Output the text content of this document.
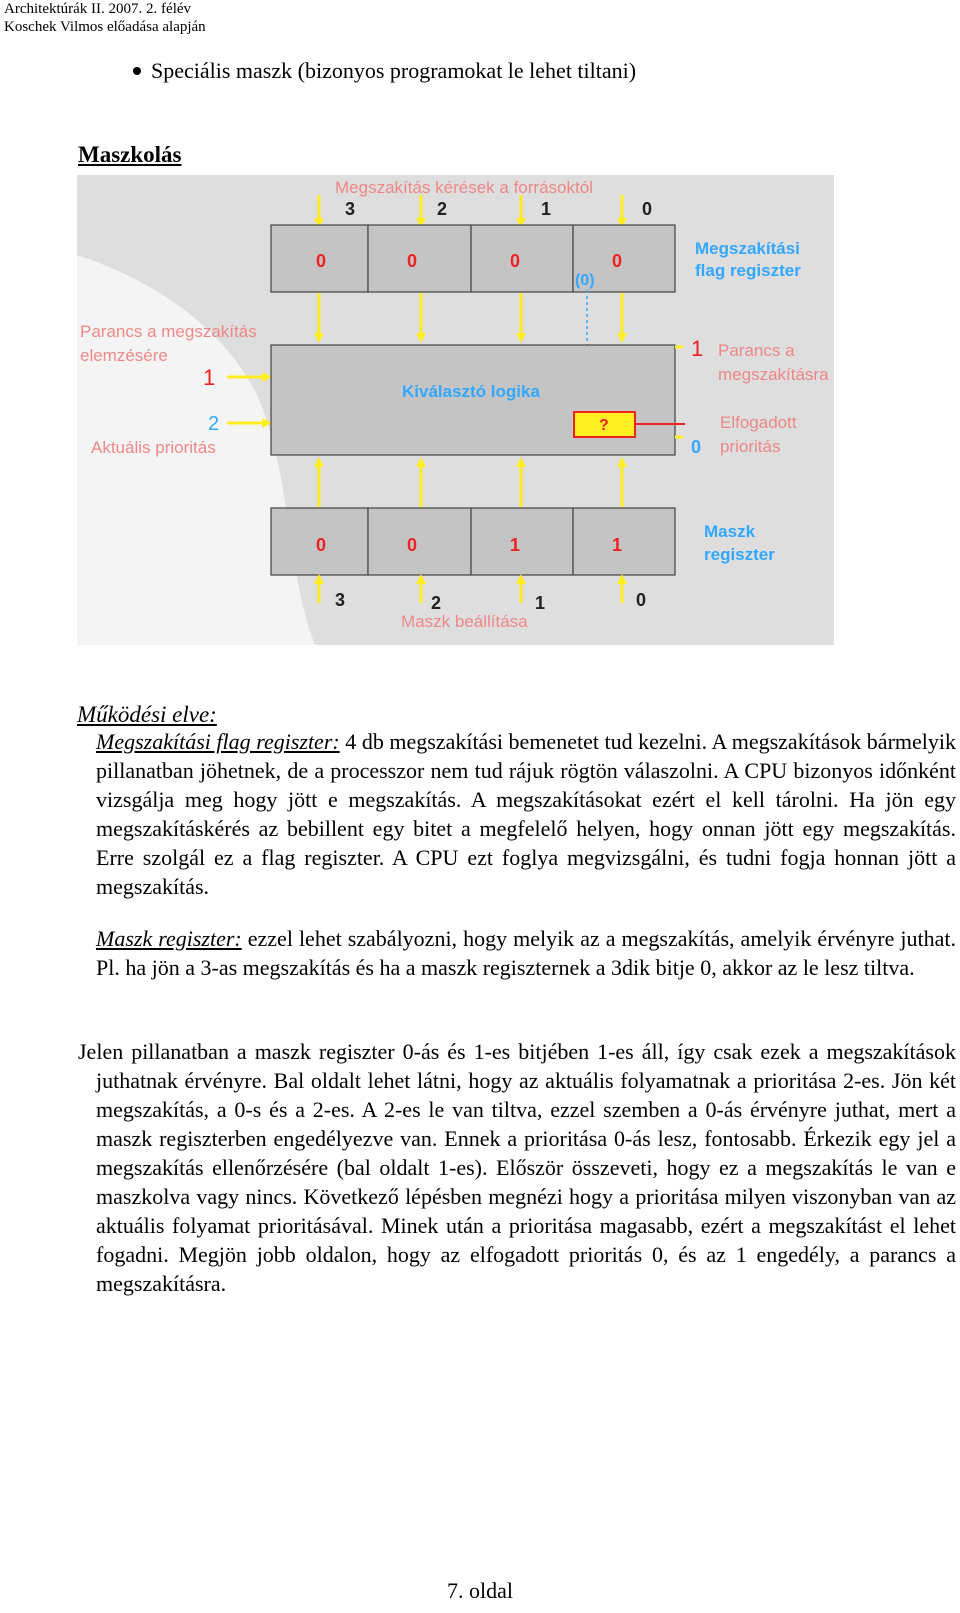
Architektúrák II. 2007. 2. félév
Koschek Vilmos előadása alapján
Speciális maszk (bizonyos programokat le lehet tiltani)
Maszkolás
Megszakítás kérések a forrásoktól
3	2	1	0
0	0	0	0
Megszakítási
flag regiszter
(0)
Parancs a megszakítás
elemzésére
1
2
Aktuális prioritás
Kiválasztó logika
?
1 Parancs a
megszakításra
Elfogadott
prioritás
0
0	0	1	1
Maszk
regiszter
3	2	1	0
Maszk beállítása
Működési elve:
Megszakítási flag regiszter: 4 db megszakítási bemenetet tud kezelni. A megszakítások bármelyik pillanatban jöhetnek, de a processzor nem tud rájuk rögtön válaszolni. A CPU bizonyos időnként vizsgálja meg hogy jött e megszakítás. A megszakításokat ezért el kell tárolni. Ha jön egy megszakításkérés az bebillent egy bitet a megfelelő helyen, hogy onnan jött egy megszakítás. Erre szolgál ez a flag regiszter. A CPU ezt foglya megvizsgálni, és tudni fogja honnan jött a megszakítás.
Maszk regiszter: ezzel lehet szabályozni, hogy melyik az a megszakítás, amelyik érvényre juthat. Pl. ha jön a 3-as megszakítás és ha a maszk regiszternek a 3dik bitje 0, akkor az le lesz tiltva.
Jelen pillanatban a maszk regiszter 0-ás és 1-es bitjében 1-es áll, így csak ezek a megszakítások juthatnak érvényre. Bal oldalt lehet látni, hogy az aktuális folyamatnak a prioritása 2-es. Jön két megszakítás, a 0-s és a 2-es. A 2-es le van tiltva, ezzel szemben a 0-ás érvényre juthat, mert a maszk regiszterben engedélyezve van. Ennek a prioritása 0-ás lesz, fontosabb. Érkezik egy jel a megszakítás ellenőrzésére (bal oldalt 1-es). Először összeveti, hogy ez a megszakítás le van e maszkolva vagy nincs. Következő lépésben megnézi hogy a prioritása milyen viszonyban van az aktuális folyamat prioritásával. Minek után a prioritása magasabb, ezért a megszakítást el lehet fogadni. Megjön jobb oldalon, hogy az elfogadott prioritás 0, és az 1 engedély, a parancs a megszakításra.
7. oldal
